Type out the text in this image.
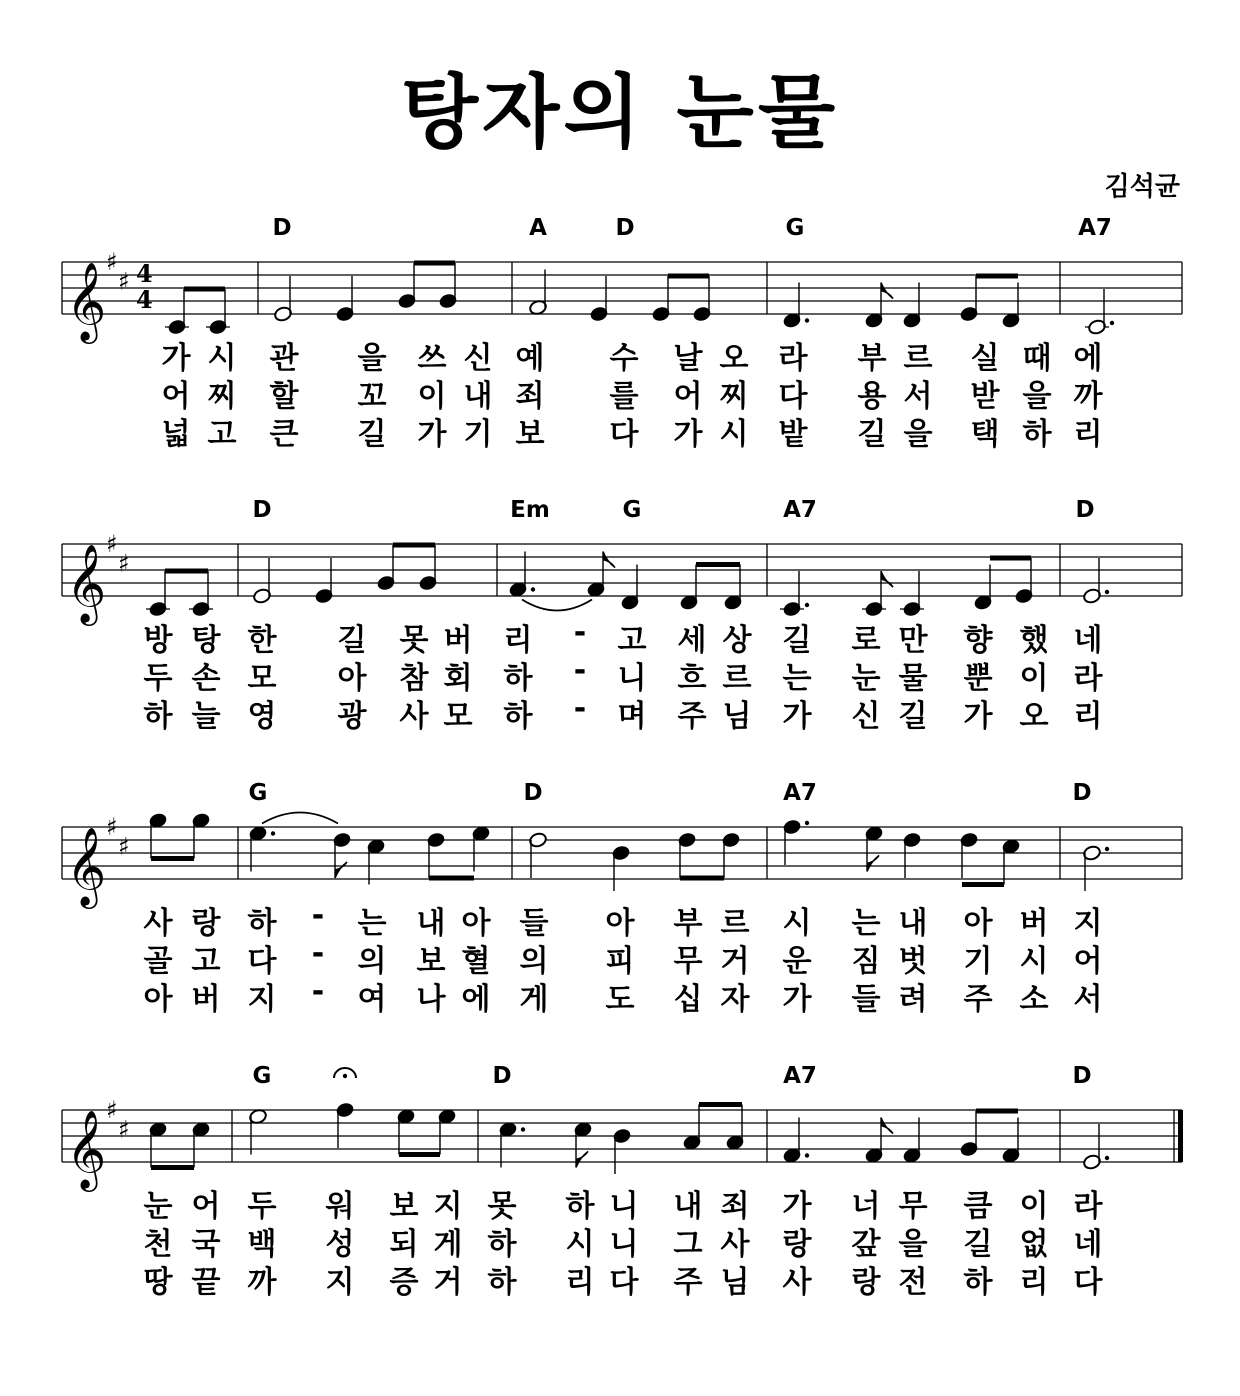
탕자의 눈물
김석균
𝄞 ♯
♯ 4
4
D	A	D	G	A7
가 시 관 을 쓰 신 예 수 날 오 라 부 르 실 때 에
어 찌 할 꼬 이 내 죄 를 어 찌 다 용 서 받 을 까
넓 고 큰 길 가 기 보 다 가 시 밭 길 을 택 하 리
𝄞 ♯
♯
D	Em	G	A7	D
방 탕 한 길 못 버 리 - 고 세 상 길 로 만 향 했 네
두 손 모 아 참 회 하 - 니 흐 르 는 눈 물 뿐 이 라
하 늘 영 광 사 모 하 - 며 주 님 가 신 길 가 오 리
𝄞 ♯
♯
G	D	A7	D
사 랑 하 - 는 내 아 들 아 부 르 시 는 내 아 버 지
골 고 다 - 의 보 혈 의 피 무 거 운 짐 벗 기 시 어
아 버 지 - 여 나 에 게 도 십 자 가 들 려 주 소 서
𝄞 ♯
♯
G	D	A7	D
눈 어 두 워 보 지 못 하 니 내 죄 가 너 무 큼 이 라
천 국 백 성 되 게 하 시 니 그 사 랑 갚 을 길 없 네
땅 끝 까 지 증 거 하 리 다 주 님 사 랑 전 하 리 다
